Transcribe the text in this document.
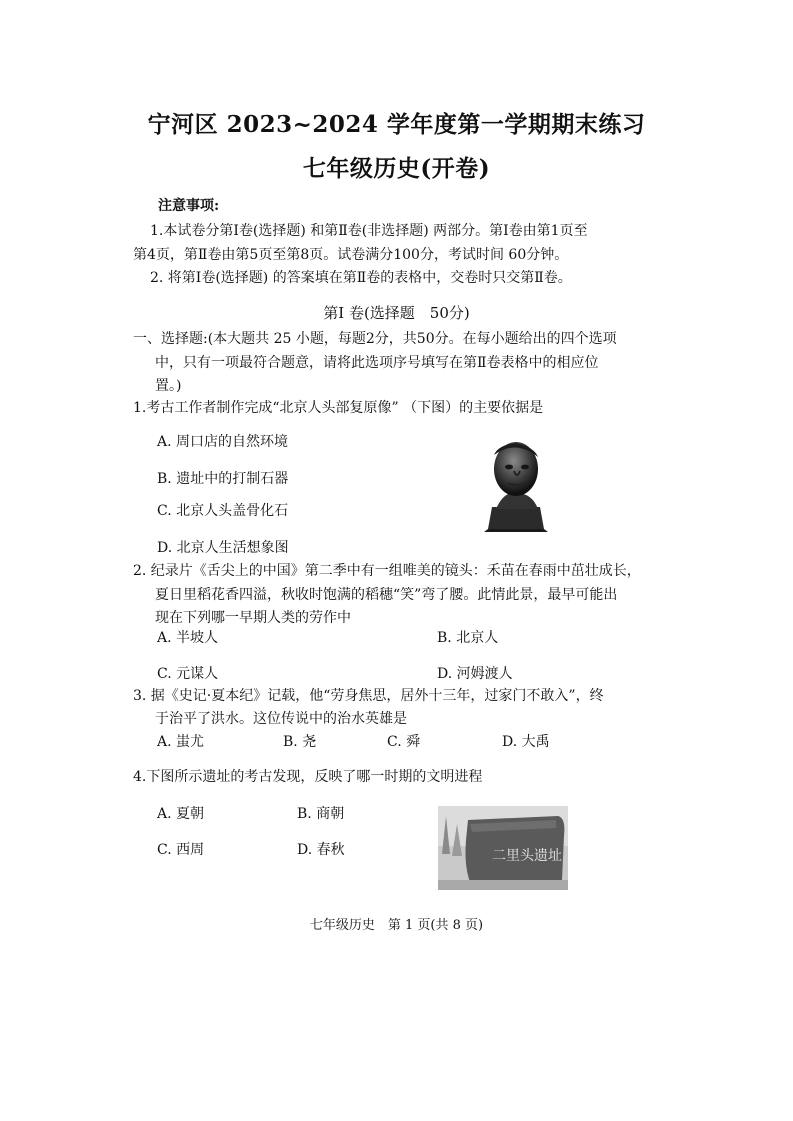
宁河区 2023~2024 学年度第一学期期末练习
七年级历史(开卷)
注意事项:
1.本试卷分第Ⅰ卷(选择题) 和第Ⅱ卷(非选择题) 两部分。第Ⅰ卷由第1页至
第4页，第Ⅱ卷由第5页至第8页。试卷满分100分，考试时间 60分钟。
2. 将第Ⅰ卷(选择题) 的答案填在第Ⅱ卷的表格中，交卷时只交第Ⅱ卷。
第Ⅰ 卷(选择题　50分)
一、选择题:(本大题共 25 小题，每题2分，共50分。在每小题给出的四个选项
中，只有一项最符合题意，请将此选项序号填写在第Ⅱ卷表格中的相应位
置。)
1.考古工作者制作完成“北京人头部复原像” （下图）的主要依据是
A. 周口店的自然环境
B. 遗址中的打制石器
C. 北京人头盖骨化石
D. 北京人生活想象图
2. 纪录片《舌尖上的中国》第二季中有一组唯美的镜头：禾苗在春雨中茁壮成长，
夏日里稻花香四溢，秋收时饱满的稻穗“笑”弯了腰。此情此景，最早可能出
现在下列哪一早期人类的劳作中
A. 半坡人	B. 北京人
C. 元谋人	D. 河姆渡人
3. 据《史记·夏本纪》记载，他“劳身焦思，居外十三年，过家门不敢入”，终
于治平了洪水。这位传说中的治水英雄是
A. 蚩尤	B. 尧	C. 舜	D. 大禹
4.下图所示遗址的考古发现，反映了哪一时期的文明进程
A. 夏朝	B. 商朝
C. 西周	D. 春秋	二里头遗址
七年级历史　第 1 页(共 8 页)
